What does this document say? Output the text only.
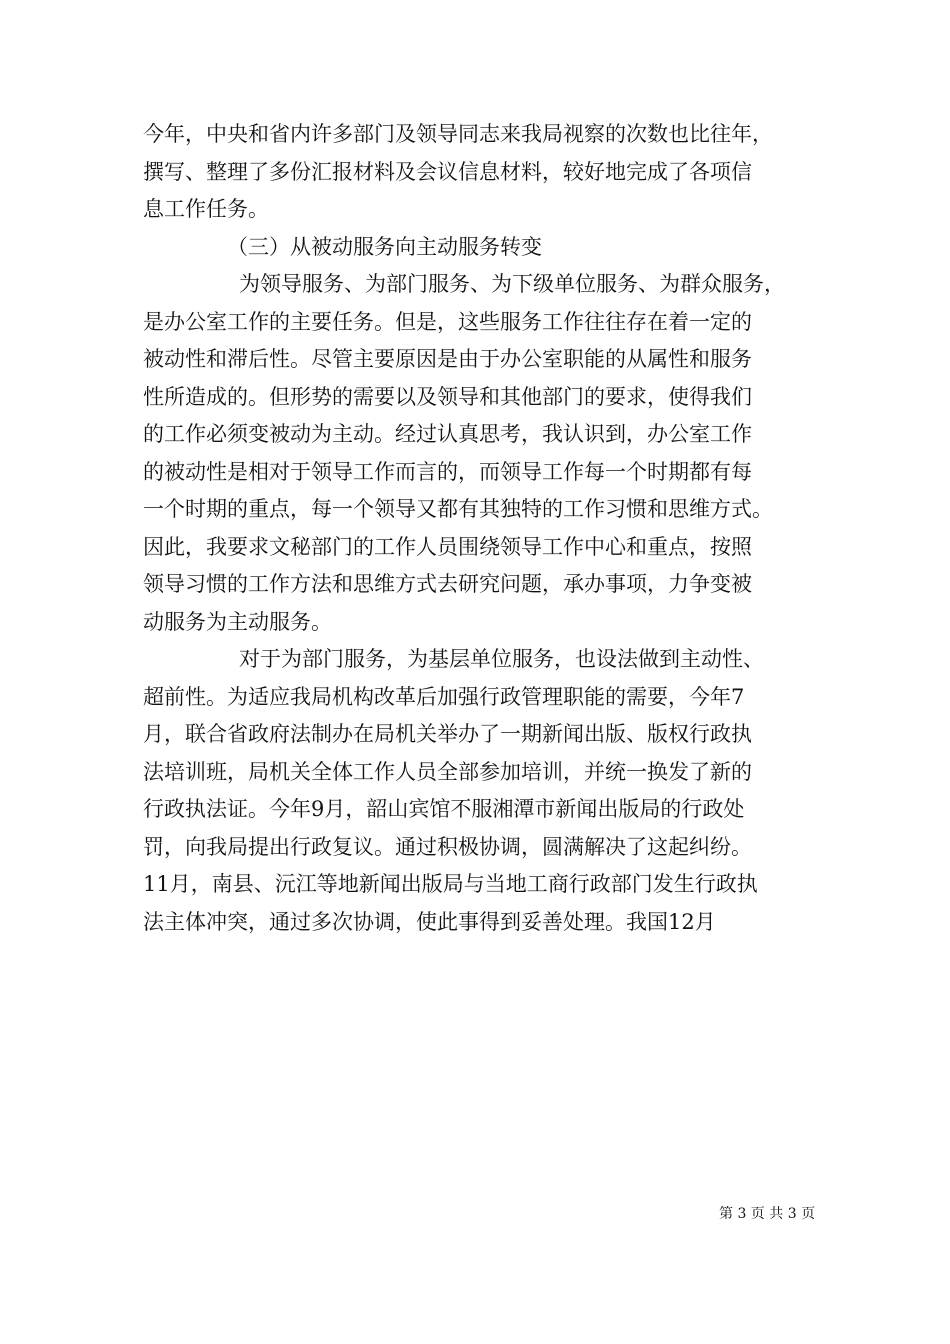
今年，中央和省内许多部门及领导同志来我局视察的次数也比往年，
撰写、整理了多份汇报材料及会议信息材料，较好地完成了各项信
息工作任务。
（三）从被动服务向主动服务转变
为领导服务、为部门服务、为下级单位服务、为群众服务，
是办公室工作的主要任务。但是，这些服务工作往往存在着一定的
被动性和滞后性。尽管主要原因是由于办公室职能的从属性和服务
性所造成的。但形势的需要以及领导和其他部门的要求，使得我们
的工作必须变被动为主动。经过认真思考，我认识到，办公室工作
的被动性是相对于领导工作而言的，而领导工作每一个时期都有每
一个时期的重点，每一个领导又都有其独特的工作习惯和思维方式。
因此，我要求文秘部门的工作人员围绕领导工作中心和重点，按照
领导习惯的工作方法和思维方式去研究问题，承办事项，力争变被
动服务为主动服务。
对于为部门服务，为基层单位服务，也设法做到主动性、
超前性。为适应我局机构改革后加强行政管理职能的需要，今年7
月，联合省政府法制办在局机关举办了一期新闻出版、版权行政执
法培训班，局机关全体工作人员全部参加培训，并统一换发了新的
行政执法证。今年9月，韶山宾馆不服湘潭市新闻出版局的行政处
罚，向我局提出行政复议。通过积极协调，圆满解决了这起纠纷。
11月，南县、沅江等地新闻出版局与当地工商行政部门发生行政执
法主体冲突，通过多次协调，使此事得到妥善处理。我国12月
第 3 页 共 3 页
